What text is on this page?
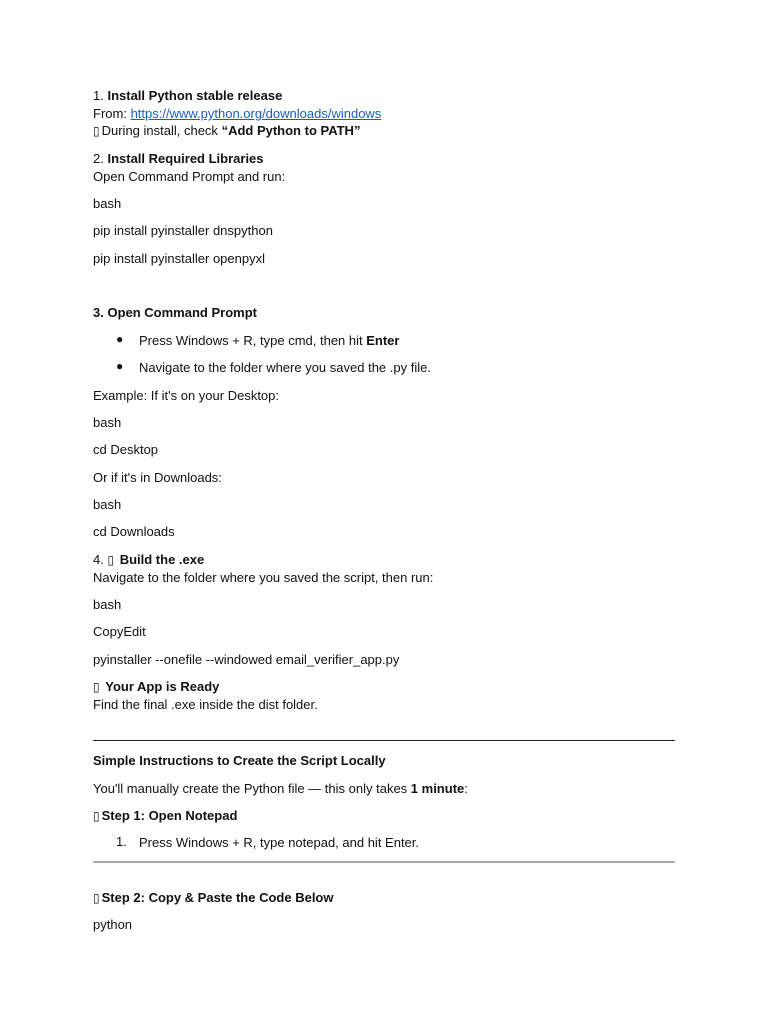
1. Install Python stable release
From: https://www.python.org/downloads/windows
▯ During install, check “Add Python to PATH”
2. Install Required Libraries
Open Command Prompt and run:
bash
pip install pyinstaller dnspython
pip install pyinstaller openpyxl
3. Open Command Prompt
● Press Windows + R, type cmd, then hit Enter
● Navigate to the folder where you saved the .py file.
Example: If it's on your Desktop:
bash
cd Desktop
Or if it's in Downloads:
bash
cd Downloads
4. ▯ Build the .exe
Navigate to the folder where you saved the script, then run:
bash
CopyEdit
pyinstaller --onefile --windowed email_verifier_app.py
▯ Your App is Ready
Find the final .exe inside the dist folder.
Simple Instructions to Create the Script Locally
You'll manually create the Python file — this only takes 1 minute:
▯ Step 1: Open Notepad
1. Press Windows + R, type notepad, and hit Enter.
▯ Step 2: Copy & Paste the Code Below
python
